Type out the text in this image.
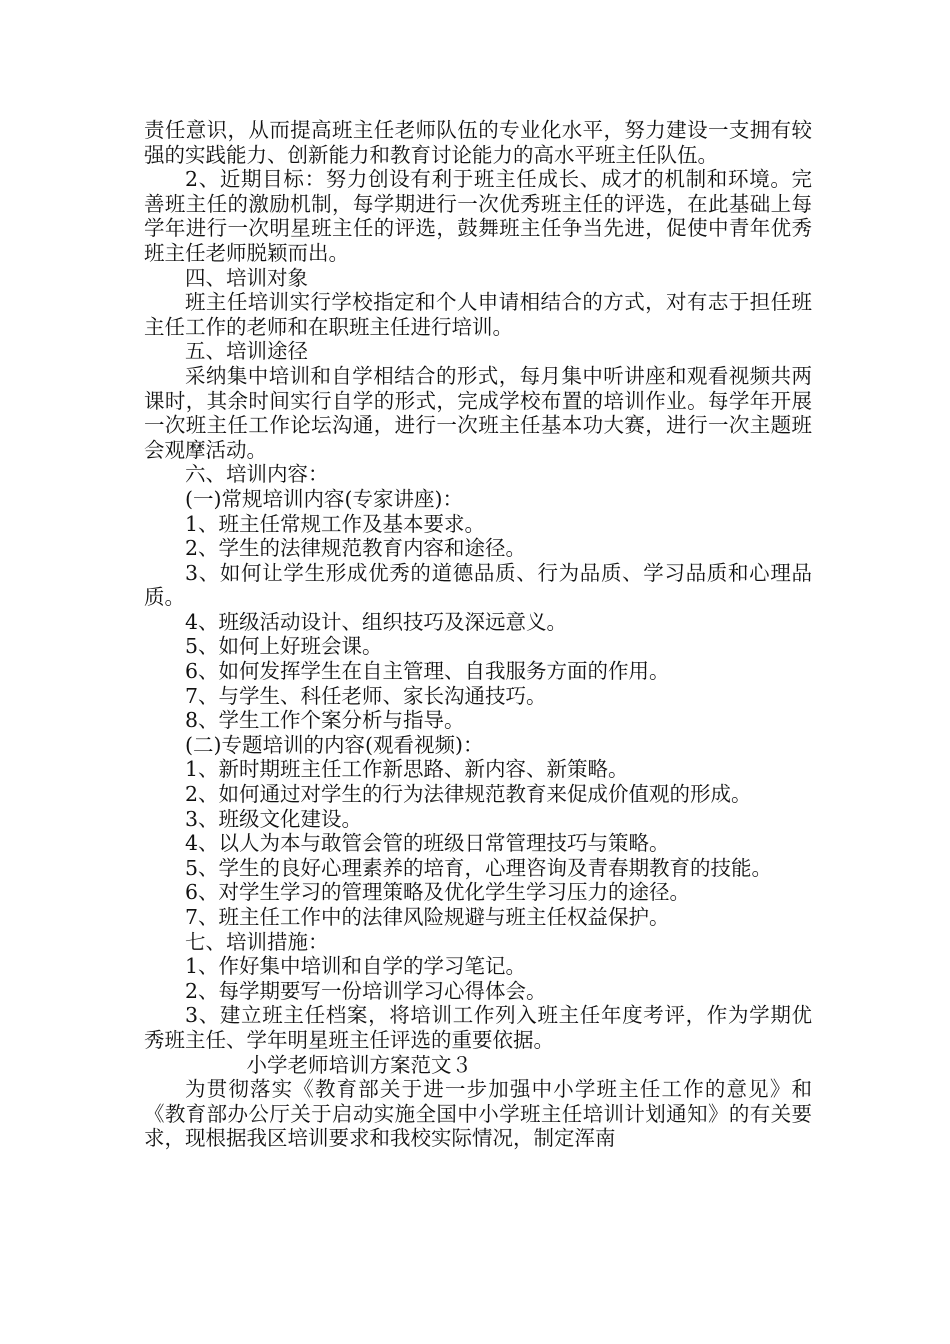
责任意识，从而提高班主任老师队伍的专业化水平，努力建设一支拥有较强的实践能力、创新能力和教育讨论能力的高水平班主任队伍。

2、近期目标：努力创设有利于班主任成长、成才的机制和环境。完善班主任的激励机制，每学期进行一次优秀班主任的评选，在此基础上每学年进行一次明星班主任的评选，鼓舞班主任争当先进，促使中青年优秀班主任老师脱颖而出。

四、培训对象

班主任培训实行学校指定和个人申请相结合的方式，对有志于担任班主任工作的老师和在职班主任进行培训。

五、培训途径

采纳集中培训和自学相结合的形式，每月集中听讲座和观看视频共两课时，其余时间实行自学的形式，完成学校布置的培训作业。每学年开展一次班主任工作论坛沟通，进行一次班主任基本功大赛，进行一次主题班会观摩活动。

六、培训内容：

(一)常规培训内容(专家讲座)：

1、班主任常规工作及基本要求。

2、学生的法律规范教育内容和途径。

3、如何让学生形成优秀的道德品质、行为品质、学习品质和心理品质。

4、班级活动设计、组织技巧及深远意义。

5、如何上好班会课。

6、如何发挥学生在自主管理、自我服务方面的作用。

7、与学生、科任老师、家长沟通技巧。

8、学生工作个案分析与指导。

(二)专题培训的内容(观看视频)：

1、新时期班主任工作新思路、新内容、新策略。

2、如何通过对学生的行为法律规范教育来促成价值观的形成。

3、班级文化建设。

4、以人为本与敢管会管的班级日常管理技巧与策略。

5、学生的良好心理素养的培育，心理咨询及青春期教育的技能。

6、对学生学习的管理策略及优化学生学习压力的途径。

7、班主任工作中的法律风险规避与班主任权益保护。

七、培训措施：

1、作好集中培训和自学的学习笔记。

2、每学期要写一份培训学习心得体会。

3、建立班主任档案，将培训工作列入班主任年度考评，作为学期优秀班主任、学年明星班主任评选的重要依据。

小学老师培训方案范文３

为贯彻落实《教育部关于进一步加强中小学班主任工作的意见》和《教育部办公厅关于启动实施全国中小学班主任培训计划通知》的有关要求，现根据我区培训要求和我校实际情况，制定浑南
